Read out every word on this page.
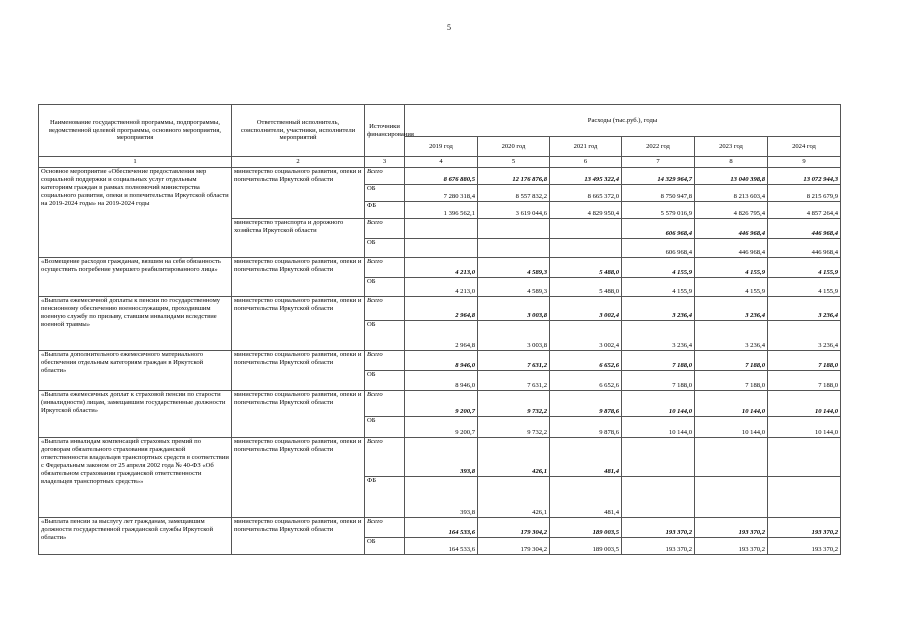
5
Наименование государственной программы, подпрограммы, ведомственной целевой программы, основного мероприятия, мероприятия	Ответственный исполнитель, соисполнители, участники, исполнители мероприятий	Источники финансирования	Расходы (тыс.руб.), годы					
			2019 год	2020 год	2021 год	2022 год	2023 год	2024 год
1	2	3	4	5	6	7	8	9
Основное мероприятие «Обеспечение предоставления мер социальной поддержки и социальных услуг отдельным категориям граждан в рамках полномочий министерства социального развития, опеки и попечительства Иркутской области на 2019-2024 годы» на 2019-2024 годы	министерство социального развития, опеки и попечительства Иркутской области	Всего	8 676 880,5	12 176 876,8	13 495 322,4	14 329 964,7	13 040 398,8	13 072 944,3
		ОБ	7 280 318,4	8 557 832,2	8 665 372,0	8 750 947,8	8 213 603,4	8 215 679,9
		ФБ	1 396 562,1	3 619 044,6	4 829 950,4	5 579 016,9	4 826 795,4	4 857 264,4
	министерство транспорта и дорожного хозяйства Иркутской области	Всего				606 968,4	446 968,4	446 968,4
		ОБ				606 968,4	446 968,4	446 968,4
«Возмещение расходов гражданам, вязшим на себя обязанность осуществить погребение умершего реабилитированного лица»	министерство социального развития, опеки и попечительства Иркутской области	Всего	4 213,0	4 589,3	5 488,0	4 155,9	4 155,9	4 155,9
		ОБ	4 213,0	4 589,3	5 488,0	4 155,9	4 155,9	4 155,9
«Выплата ежемесячной доплаты к пенсии по государственному пенсионному обеспечению военнослужащим, проходившим военную службу по призыву, ставшим инвалидами вследствие военной травмы»	министерство социального развития, опеки и попечительства Иркутской области	Всего	2 964,8	3 003,8	3 002,4	3 236,4	3 236,4	3 236,4
		ОБ	2 964,8	3 003,8	3 002,4	3 236,4	3 236,4	3 236,4
«Выплата дополнительного ежемесячного материального обеспечения отдельным категориям граждан в Иркутской области»	министерство социального развития, опеки и попечительства Иркутской области	Всего	8 946,0	7 631,2	6 652,6	7 188,0	7 188,0	7 188,0
		ОБ	8 946,0	7 631,2	6 652,6	7 188,0	7 188,0	7 188,0
«Выплата ежемесячных доплат к страховой пенсии по старости (инвалидности) лицам, замещавшим государственные должности Иркутской области»	министерство социального развития, опеки и попечительства Иркутской области	Всего	9 200,7	9 732,2	9 878,6	10 144,0	10 144,0	10 144,0
		ОБ	9 200,7	9 732,2	9 878,6	10 144,0	10 144,0	10 144,0
«Выплата инвалидам компенсаций страховых премий по договорам обязательного страхования гражданской ответственности владельцев транспортных средств в соответствии с Федеральным законом от 25 апреля 2002 года № 40-ФЗ «Об обязательном страховании гражданской ответственности владельцев транспортных средств»»	министерство социального развития, опеки и попечительства Иркутской области	Всего	393,8	426,1	481,4			
		ФБ	393,8	426,1	481,4			
«Выплата пенсии за выслугу лет гражданам, замещавшим должности государственной гражданской службы Иркутской области»	министерство социального развития, опеки и попечительства Иркутской области	Всего	164 533,6	179 304,2	189 003,5	193 370,2	193 370,2	193 370,2
		ОБ	164 533,6	179 304,2	189 003,5	193 370,2	193 370,2	193 370,2
